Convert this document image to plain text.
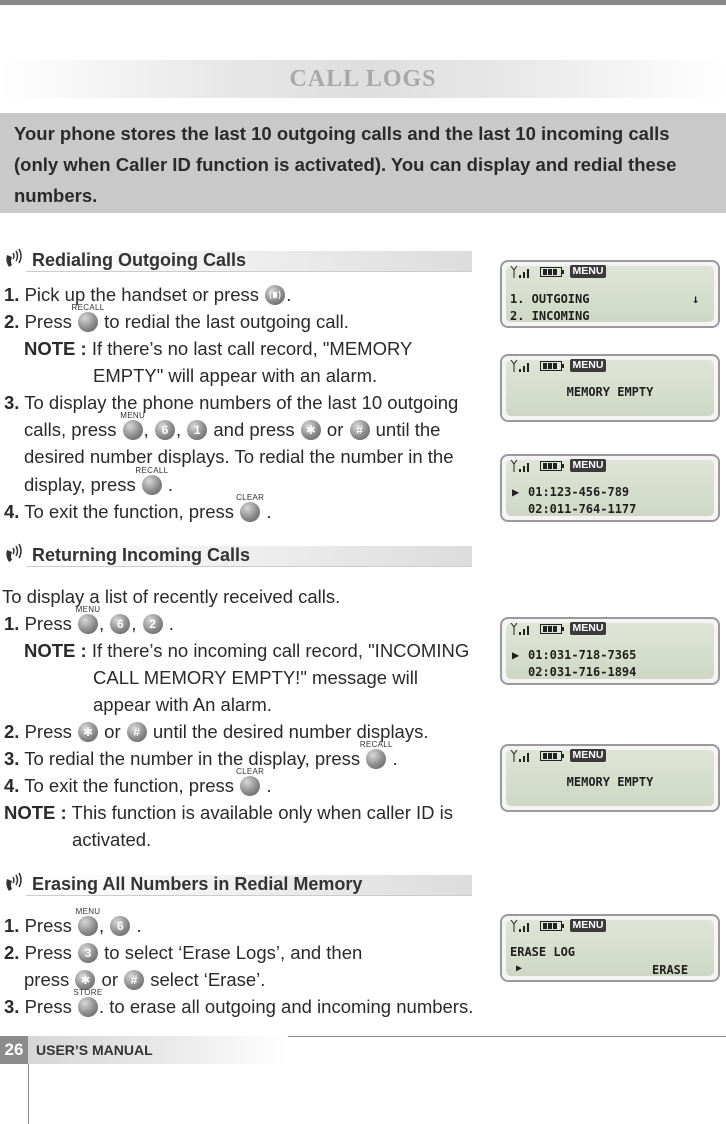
CALL LOGS
Your phone stores the last 10 outgoing calls and the last 10 incoming calls (only when Caller ID function is activated). You can display and redial these numbers.
Redialing Outgoing Calls
1. Pick up the handset or press .
2. Press
RECALL
to redial the last outgoing call.
NOTE : If there’s no last call record, "MEMORY
EMPTY" will appear with an alarm.
3. To display the phone numbers of the last 10 outgoing
calls, press
MENU
,	6 ,	1 and press ✱ or	# until the
desired number displays. To redial the number in the
display, press
RECALL
.
4. To exit the function, press
CLEAR
.
Returning Incoming Calls
To display a list of recently received calls.
1. Press
MENU
,	6 ,	2 .
NOTE : If there’s no incoming call record, "INCOMING
CALL MEMORY EMPTY!" message will
appear with An alarm.
2. Press ✱ or	# until the desired number displays.
3. To redial the number in the display, press
RECALL
.
4. To exit the function, press
CLEAR
.
NOTE : This function is available only when caller ID is
activated.
Erasing All Numbers in Redial Memory
1. Press
MENU
,	6 .
2. Press	3 to select ‘Erase Logs’, and then
press ✱ or	# select ‘Erase’.
3. Press
STORE
. to erase all outgoing and incoming numbers.
MENU
1. OUTGOING	↓
2. INCOMING
MENU
MEMORY EMPTY
MENU
▶ 01:123-456-789
02:011-764-1177
MENU
▶ 01:031-718-7365
02:031-716-1894
MENU
MEMORY EMPTY
MENU
ERASE LOG
▶	ERASE
26 USER’S MANUAL
